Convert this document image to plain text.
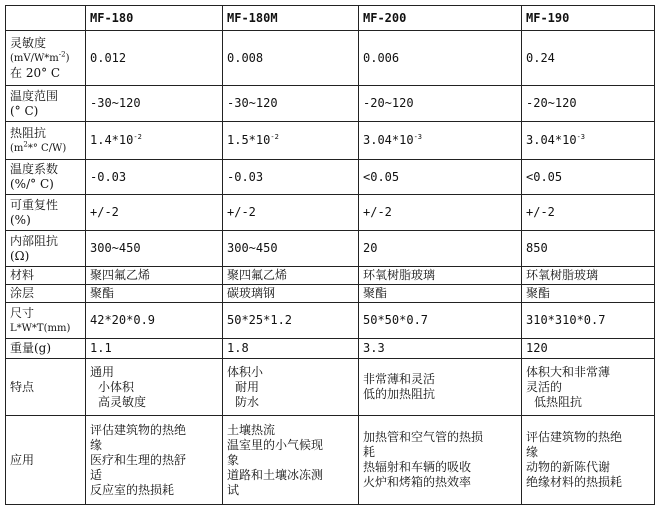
	MF-180	MF-180M	MF-200	MF-190

灵敏度
$(mV/W*m^{-2})$
在 20° C	0.012	0.008	0.006	0.24

温度范围
(° C)	-30~120	-30~120	-20~120	-20~120

热阻抗
($m^2*^\circ$ C/W)	$1.4*10^{-2}$	$1.5*10^{-2}$	$3.04*10^{-3}$	$3.04*10^{-3}$

温度系数
(%/° C)	-0.03	-0.03	<0.05	<0.05

可重复性
(%)	+/-2	+/-2	+/-2	+/-2

内部阻抗
(Ω)	300~450	300~450	20	850
材料	聚四氟乙烯	聚四氟乙烯	环氧树脂玻璃	环氧树脂玻璃
涂层	聚酯	碳玻璃钢	聚酯	聚酯

尺寸
L*W*T(mm)	42*20*0.9	50*25*1.2	50*50*0.7	310*310*0.7
重量(g)	1.1	1.8	3.3	120
特点	通用
小体积
高灵敏度	体积小
耐用
防水	非常薄和灵活
低的加热阻抗	体积大和非常薄
灵活的
低热阻抗

应用	评估建筑物的热绝
缘
医疗和生理的热舒
适
反应室的热损耗	土壤热流
温室里的小气候现
象
道路和土壤冰冻测
试	加热管和空气管的热损
耗
热辐射和车辆的吸收
火炉和烤箱的热效率	评估建筑物的热绝
缘
动物的新陈代谢
绝缘材料的热损耗
